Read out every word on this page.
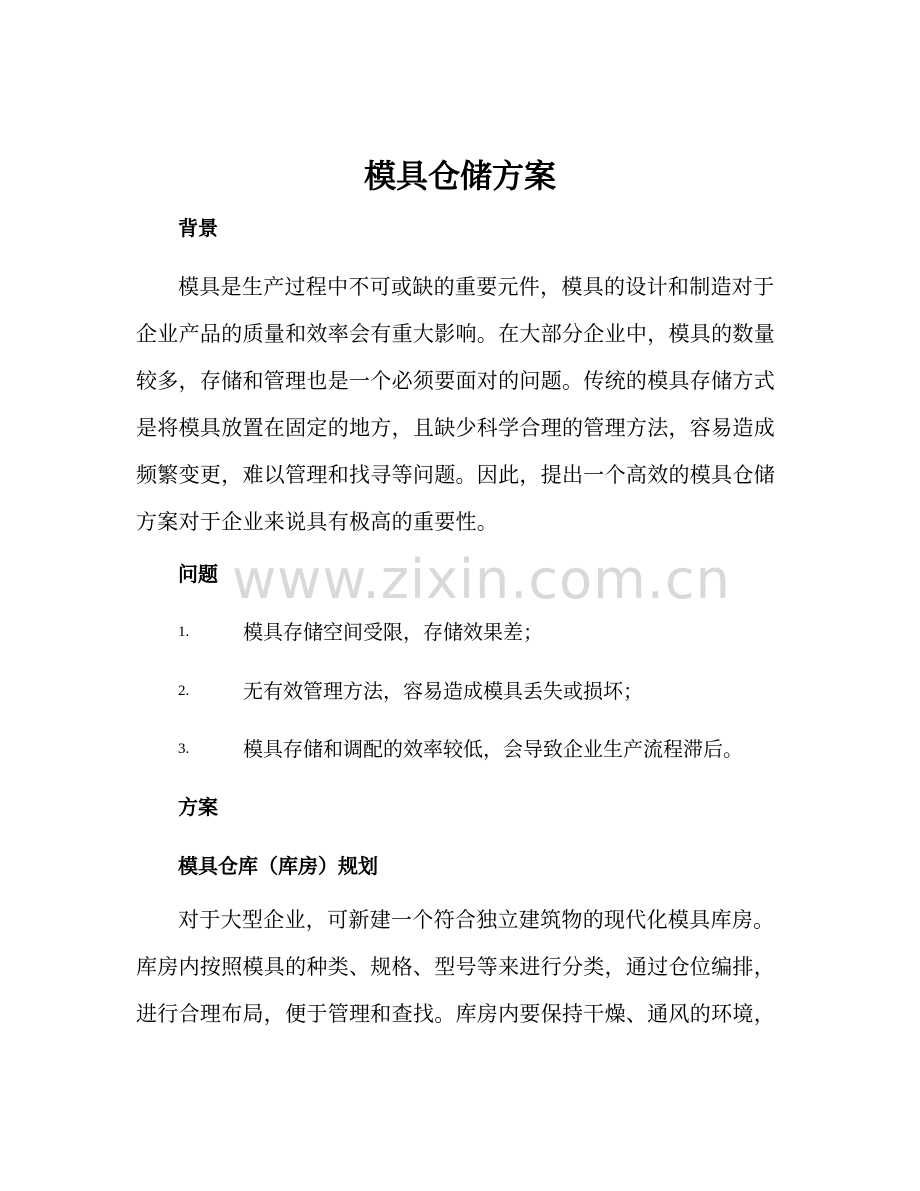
模具仓储方案
背景

模具是生产过程中不可或缺的重要元件，模具的设计和制造对于企业产品的质量和效率会有重大影响。在大部分企业中，模具的数量较多，存储和管理也是一个必须要面对的问题。传统的模具存储方式是将模具放置在固定的地方，且缺少科学合理的管理方法，容易造成频繁变更，难以管理和找寻等问题。因此，提出一个高效的模具仓储方案对于企业来说具有极高的重要性。

问题
1.	模具存储空间受限，存储效果差；
2.	无有效管理方法，容易造成模具丢失或损坏；
3.	模具存储和调配的效率较低，会导致企业生产流程滞后。
方案
模具仓库（库房）规划

对于大型企业，可新建一个符合独立建筑物的现代化模具库房。库房内按照模具的种类、规格、型号等来进行分类，通过仓位编排，进行合理布局，便于管理和查找。库房内要保持干燥、通风的环境，

www.zixin.com.cn
